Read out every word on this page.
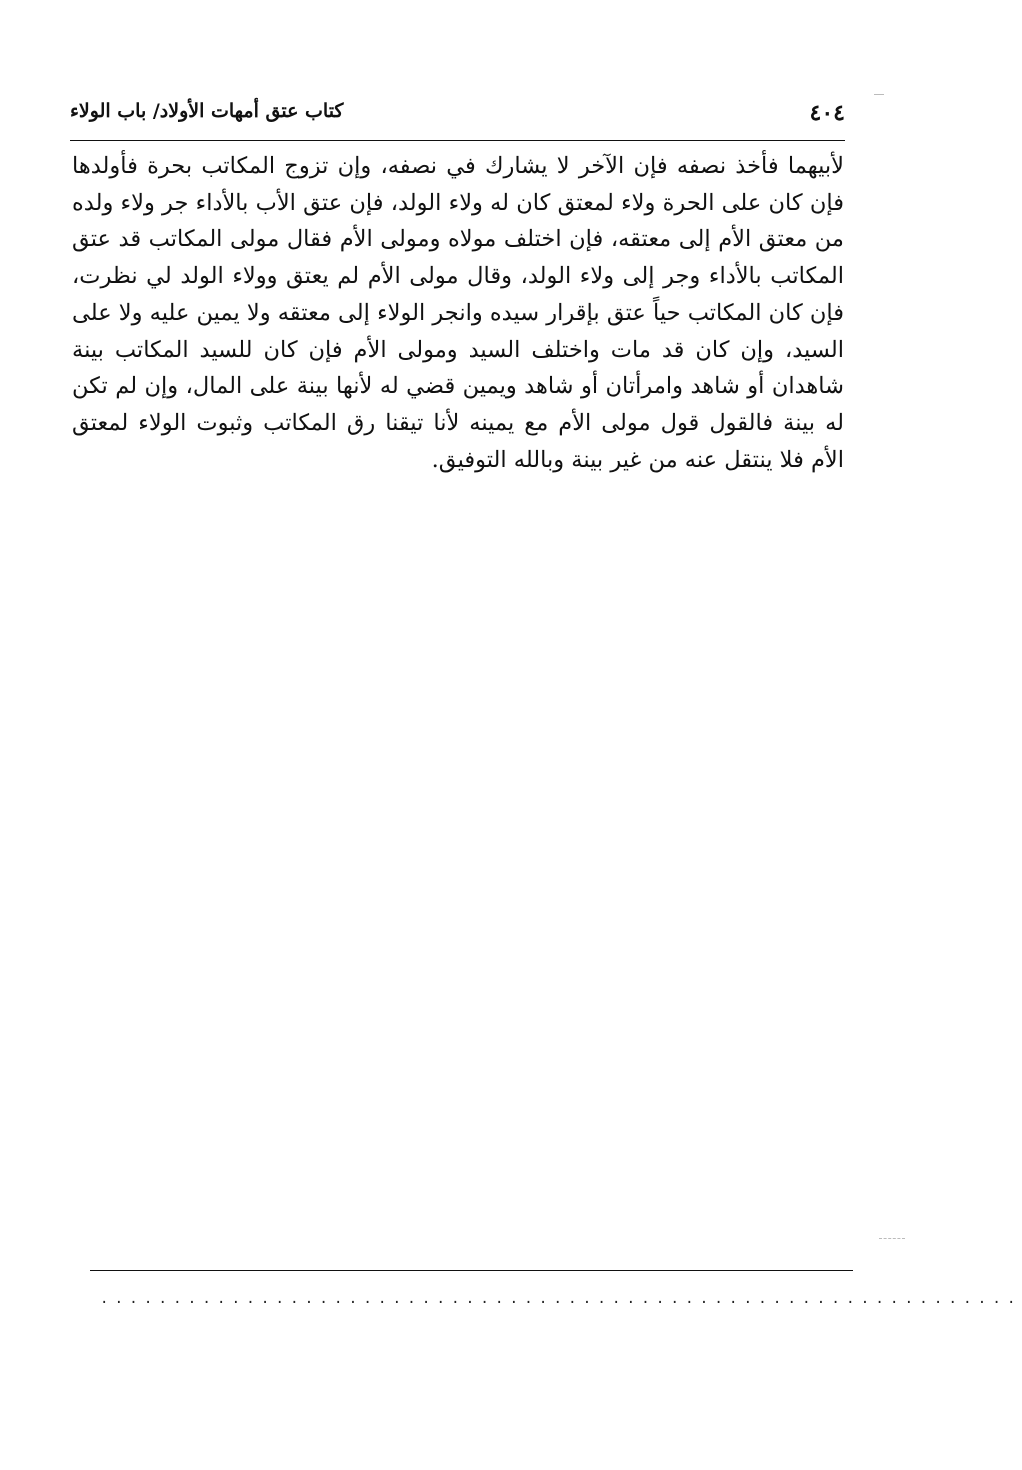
٤٠٤
كتاب عتق أمهات الأولاد/ باب الولاء

لأبيهما فأخذ نصفه فإن الآخر لا يشارك في نصفه، وإن تزوج المكاتب بحرة فأولدها فإن كان على الحرة ولاء لمعتق كان له ولاء الولد، فإن عتق الأب بالأداء جر ولاء ولده من معتق الأم إلى معتقه، فإن اختلف مولاه ومولى الأم فقال مولى المكاتب قد عتق المكاتب بالأداء وجر إلى ولاء الولد، وقال مولى الأم لم يعتق وولاء الولد لي نظرت، فإن كان المكاتب حياً عتق بإقرار سيده وانجر الولاء إلى معتقه ولا يمين عليه ولا على السيد، وإن كان قد مات واختلف السيد ومولى الأم فإن كان للسيد المكاتب بينة شاهدان أو شاهد وامرأتان أو شاهد ويمين قضي له لأنها بينة على المال، وإن لم تكن له بينة فالقول قول مولى الأم مع يمينه لأنا تيقنا رق المكاتب وثبوت الولاء لمعتق الأم فلا ينتقل عنه من غير بينة وبالله التوفيق.

...............................................................
